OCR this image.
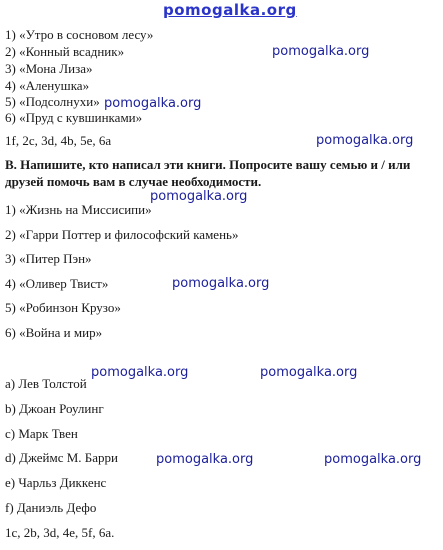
pomogalka.org
1) «Утро в сосновом лесу»
2) «Конный всадник»
3) «Мона Лиза»
4) «Аленушка»
5) «Подсолнухи»
6) «Пруд с кувшинками»
1f, 2c, 3d, 4b, 5e, 6a
B. Напишите, кто написал эти книги. Попросите вашу семью и / или
друзей помочь вам в случае необходимости.
1) «Жизнь на Миссисипи»
2) «Гарри Поттер и философский камень»
3) «Питер Пэн»
4) «Оливер Твист»
5) «Робинзон Крузо»
6) «Война и мир»
a) Лев Толстой
b) Джоан Роулинг
c) Марк Твен
d) Джеймс М. Барри
e) Чарльз Диккенс
f) Даниэль Дефо
1c, 2b, 3d, 4e, 5f, 6a.
pomogalka.org
pomogalka.org
pomogalka.org
pomogalka.org
pomogalka.org
pomogalka.org	pomogalka.org
pomogalka.org	pomogalka.org
